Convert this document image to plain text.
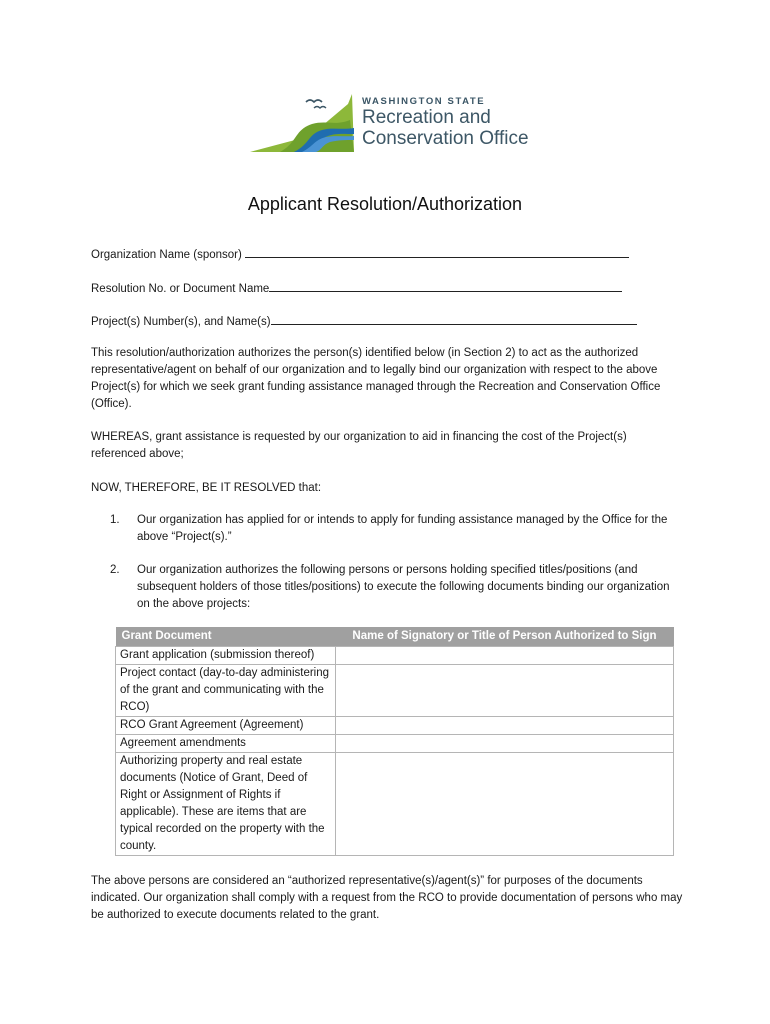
WASHINGTON STATE
Recreation and
Conservation Office
Applicant Resolution/Authorization
Organization Name (sponsor)
Resolution No. or Document Name
Project(s) Number(s), and Name(s)
This resolution/authorization authorizes the person(s) identified below (in Section 2) to act as the authorized representative/agent on behalf of our organization and to legally bind our organization with respect to the above Project(s) for which we seek grant funding assistance managed through the Recreation and Conservation Office (Office).
WHEREAS, grant assistance is requested by our organization to aid in financing the cost of the Project(s) referenced above;
NOW, THEREFORE, BE IT RESOLVED that:
1. Our organization has applied for or intends to apply for funding assistance managed by the Office for the above “Project(s).”
2. Our organization authorizes the following persons or persons holding specified titles/positions (and subsequent holders of those titles/positions) to execute the following documents binding our organization on the above projects:
Grant Document	Name of Signatory or Title of Person Authorized to Sign
Grant application (submission thereof)	
Project contact (day-to-day administering of the grant and communicating with the RCO)	
RCO Grant Agreement (Agreement)	
Agreement amendments	
Authorizing property and real estate documents (Notice of Grant, Deed of Right or Assignment of Rights if applicable). These are items that are typical recorded on the property with the county.	
The above persons are considered an “authorized representative(s)/agent(s)” for purposes of the documents indicated. Our organization shall comply with a request from the RCO to provide documentation of persons who may be authorized to execute documents related to the grant.
